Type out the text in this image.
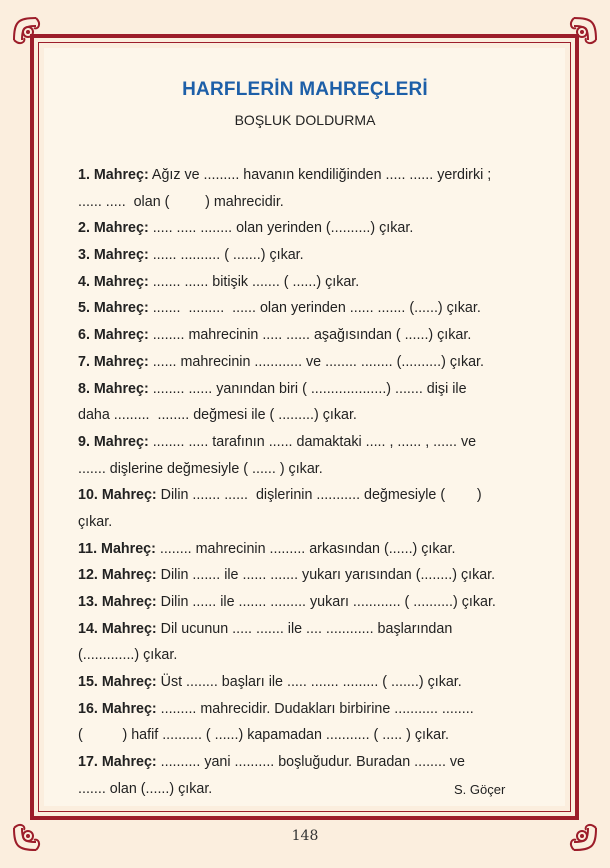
HARFLERİN MAHREÇLERİ
BOŞLUK DOLDURMA
1. Mahreç: Ağız ve ......... havanın kendiliğinden ..... ...... yerdirki ;
...... .....  olan (         ) mahrecidir.
2. Mahreç: ..... ..... ........ olan yerinden (..........) çıkar.
3. Mahreç: ...... .......... ( .......) çıkar.
4. Mahreç: ....... ...... bitişik ....... ( ......) çıkar.
5. Mahreç: .......  .........  ...... olan yerinden ...... ....... (......) çıkar.
6. Mahreç: ........ mahrecinin ..... ...... aşağısından ( ......) çıkar.
7. Mahreç: ...... mahrecinin ............ ve ........ ........ (..........) çıkar.
8. Mahreç: ........ ...... yanından biri ( ...................) ....... dişi ile
daha .........  ........ değmesi ile ( .........) çıkar.
9. Mahreç: ........ ..... tarafının ...... damaktaki ..... , ...... , ...... ve
....... dişlerine değmesiyle ( ...... ) çıkar.
10. Mahreç: Dilin ....... ......  dişlerinin ........... değmesiyle (        )
çıkar.
11. Mahreç: ........ mahrecinin ......... arkasından (......) çıkar.
12. Mahreç: Dilin ....... ile ...... ....... yukarı yarısından (........) çıkar.
13. Mahreç: Dilin ...... ile ....... ......... yukarı ............ ( ..........) çıkar.
14. Mahreç: Dil ucunun ..... ....... ile .... ............ başlarından
(.............) çıkar.
15. Mahreç: Üst ........ başları ile ..... ....... ......... ( .......) çıkar.
16. Mahreç: ......... mahrecidir. Dudakları birbirine ........... ........
(          ) hafif .......... ( ......) kapamadan ........... ( ..... ) çıkar.
17. Mahreç: .......... yani .......... boşluğudur. Buradan ........ ve
....... olan (......) çıkar.	S. Göçer
148
